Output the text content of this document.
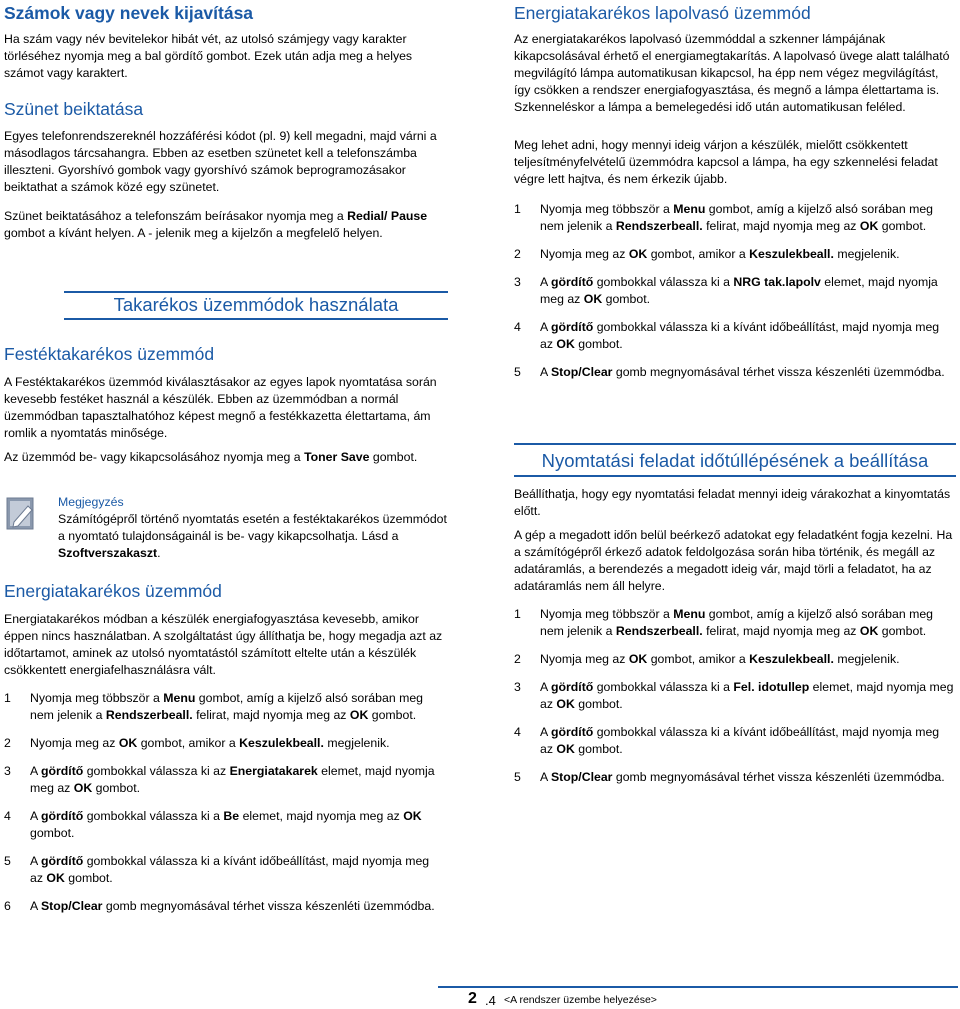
Számok vagy nevek kijavítása
Ha szám vagy név bevitelekor hibát vét, az utolsó számjegy vagy karakter törléséhez nyomja meg a bal gördítő gombot. Ezek után adja meg a helyes számot vagy karaktert.
Szünet beiktatása
Egyes telefonrendszereknél hozzáférési kódot (pl. 9) kell megadni, majd várni a másodlagos tárcsahangra. Ebben az esetben szünetet kell a telefonszámba illeszteni. Gyorshívó gombok vagy gyorshívó számok beprogramozásakor beiktathat a számok közé egy szünetet.
Szünet beiktatásához a telefonszám beírásakor nyomja meg a Redial/ Pause gombot a kívánt helyen. A - jelenik meg a kijelzőn a megfelelő helyen.
Takarékos üzemmódok használata
Festéktakarékos üzemmód
A Festéktakarékos üzemmód kiválasztásakor az egyes lapok nyomtatása során kevesebb festéket használ a készülék. Ebben az üzemmódban a normál üzemmódban tapasztalhatóhoz képest megnő a festékkazetta élettartama, ám romlik a nyomtatás minősége.
Az üzemmód be- vagy kikapcsolásához nyomja meg a Toner Save gombot.
Megjegyzés
Számítógépről történő nyomtatás esetén a festéktakarékos üzemmódot a nyomtató tulajdonságainál is be- vagy kikapcsolhatja. Lásd a Szoftverszakaszt.
Energiatakarékos üzemmód
Energiatakarékos módban a készülék energiafogyasztása kevesebb, amikor éppen nincs használatban. A szolgáltatást úgy állíthatja be, hogy megadja azt az időtartamot, aminek az utolsó nyomtatástól számított eltelte után a készülék csökkentett energiafelhasználásra vált.
1 Nyomja meg többször a Menu gombot, amíg a kijelző alsó sorában meg nem jelenik a Rendszerbeall. felirat, majd nyomja meg az OK gombot.
2 Nyomja meg az OK gombot, amikor a Keszulekbeall. megjelenik.
3 A gördítő gombokkal válassza ki az Energiatakarek elemet, majd nyomja meg az OK gombot.
4 A gördítő gombokkal válassza ki a Be elemet, majd nyomja meg az OK gombot.
5 A gördítő gombokkal válassza ki a kívánt időbeállítást, majd nyomja meg az OK gombot.
6 A Stop/Clear gomb megnyomásával térhet vissza készenléti üzemmódba.
Energiatakarékos lapolvasó üzemmód
Az energiatakarékos lapolvasó üzemmóddal a szkenner lámpájának kikapcsolásával érhető el energiamegtakarítás. A lapolvasó üvege alatt található megvilágító lámpa automatikusan kikapcsol, ha épp nem végez megvilágítást, így csökken a rendszer energiafogyasztása, és megnő a lámpa élettartama is. Szkenneléskor a lámpa a bemelegedési idő után automatikusan feléled.
Meg lehet adni, hogy mennyi ideig várjon a készülék, mielőtt csökkentett teljesítményfelvételű üzemmódra kapcsol a lámpa, ha egy szkennelési feladat végre lett hajtva, és nem érkezik újabb.
1 Nyomja meg többször a Menu gombot, amíg a kijelző alsó sorában meg nem jelenik a Rendszerbeall. felirat, majd nyomja meg az OK gombot.
2 Nyomja meg az OK gombot, amikor a Keszulekbeall. megjelenik.
3 A gördítő gombokkal válassza ki a NRG tak.lapolv elemet, majd nyomja meg az OK gombot.
4 A gördítő gombokkal válassza ki a kívánt időbeállítást, majd nyomja meg az OK gombot.
5 A Stop/Clear gomb megnyomásával térhet vissza készenléti üzemmódba.
Nyomtatási feladat időtúllépésének a beállítása
Beállíthatja, hogy egy nyomtatási feladat mennyi ideig várakozhat a kinyomtatás előtt.
A gép a megadott időn belül beérkező adatokat egy feladatként fogja kezelni. Ha a számítógépről érkező adatok feldolgozása során hiba történik, és megáll az adatáramlás, a berendezés a megadott ideig vár, majd törli a feladatot, ha az adatáramlás nem áll helyre.
1 Nyomja meg többször a Menu gombot, amíg a kijelző alsó sorában meg nem jelenik a Rendszerbeall. felirat, majd nyomja meg az OK gombot.
2 Nyomja meg az OK gombot, amikor a Keszulekbeall. megjelenik.
3 A gördítő gombokkal válassza ki a Fel. idotullep elemet, majd nyomja meg az OK gombot.
4 A gördítő gombokkal válassza ki a kívánt időbeállítást, majd nyomja meg az OK gombot.
5 A Stop/Clear gomb megnyomásával térhet vissza készenléti üzemmódba.
2 .4 <A rendszer üzembe helyezése>
